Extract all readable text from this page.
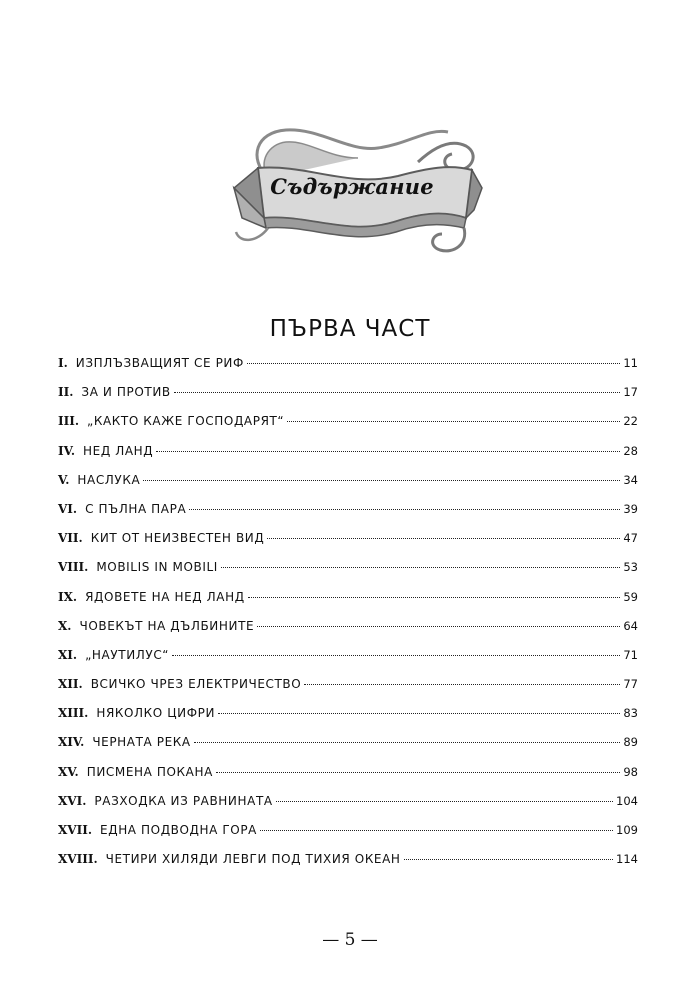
Съдържание
ПЪРВА ЧАСТ
I. ИЗПЛЪЗВАЩИЯТ СЕ РИФ	11
II. ЗА И ПРОТИВ	17
III. „КАКТО КАЖЕ ГОСПОДАРЯТ“	22
IV. НЕД ЛАНД	28
V. НАСЛУКА	34
VI. С ПЪЛНА ПАРА	39
VII. КИТ ОТ НЕИЗВЕСТЕН ВИД	47
VIII. MOBILIS IN MOBILI	53
IX. ЯДОВЕТЕ НА НЕД ЛАНД	59
X. ЧОВЕКЪТ НА ДЪЛБИНИТЕ	64
XI. „НАУТИЛУС“	71
XII. ВСИЧКО ЧРЕЗ ЕЛЕКТРИЧЕСТВО	77
XIII. НЯКОЛКО ЦИФРИ	83
XIV. ЧЕРНАТА РЕКА	89
XV. ПИСМЕНА ПОКАНА	98
XVI. РАЗХОДКА ИЗ РАВНИНАТА	104
XVII. ЕДНА ПОДВОДНА ГОРА	109
XVIII. ЧЕТИРИ ХИЛЯДИ ЛЕВГИ ПОД ТИХИЯ ОКЕАН	114
— 5 —
